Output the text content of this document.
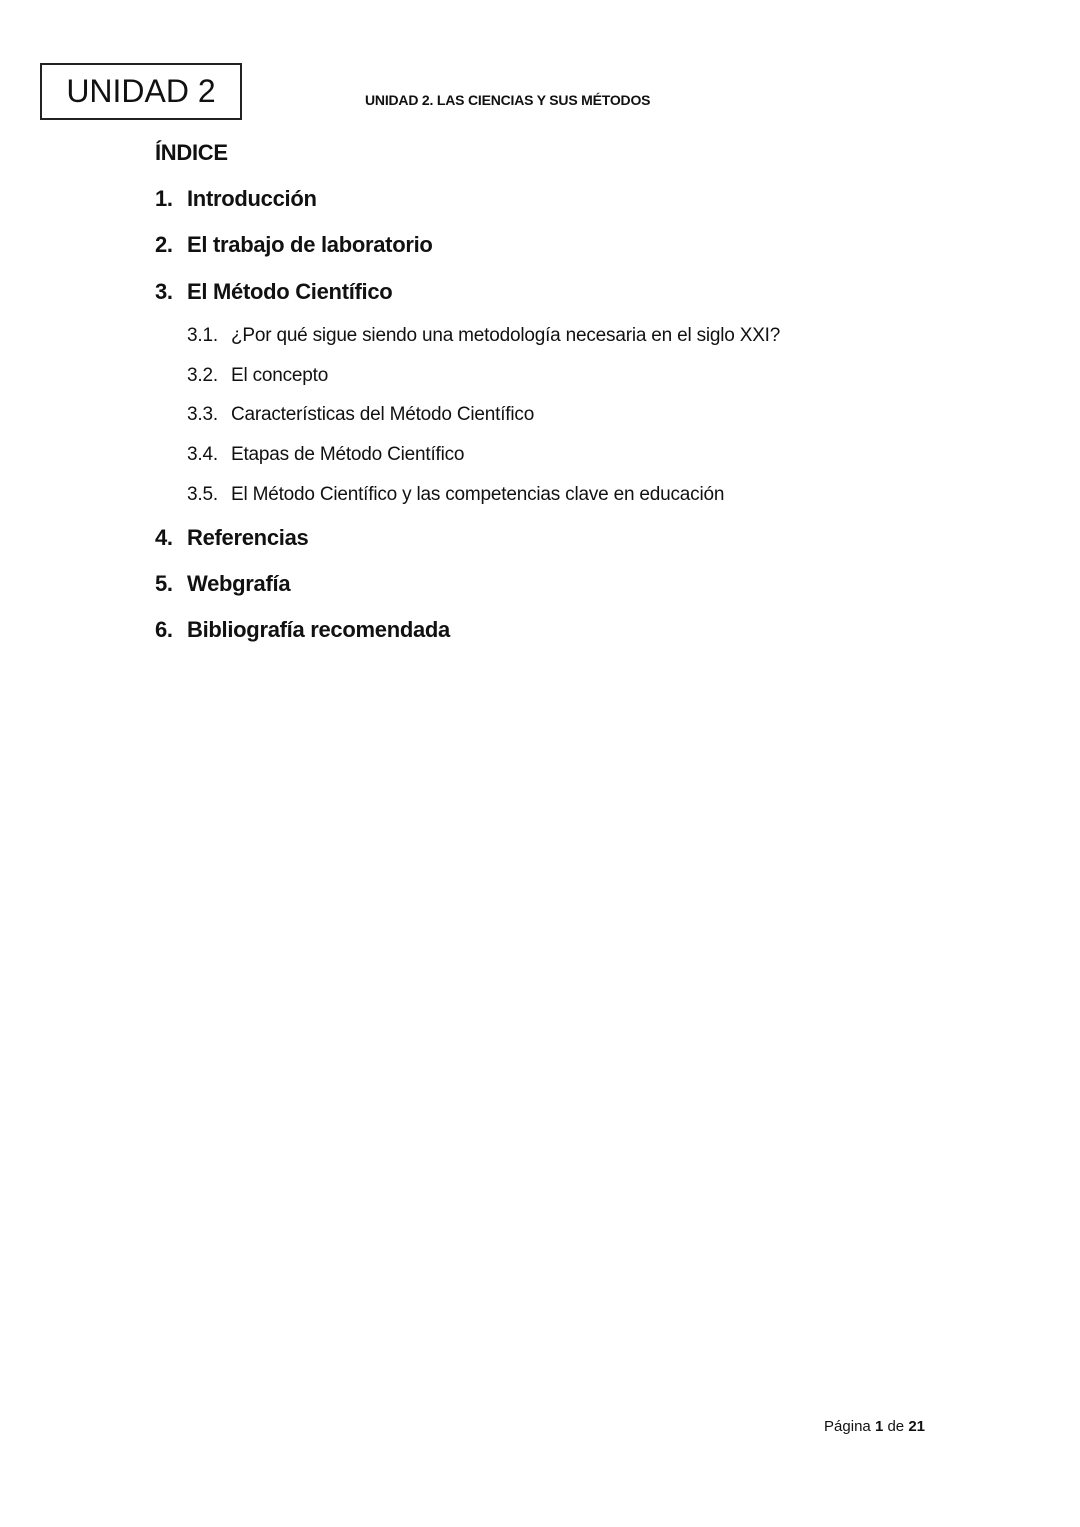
UNIDAD 2	UNIDAD 2. LAS CIENCIAS Y SUS MÉTODOS
ÍNDICE
1. Introducción
2. El trabajo de laboratorio
3. El Método Científico
3.1. ¿Por qué sigue siendo una metodología necesaria en el siglo XXI?
3.2. El concepto
3.3. Características del Método Científico
3.4. Etapas de Método Científico
3.5. El Método Científico y las competencias clave en educación
4. Referencias
5. Webgrafía
6. Bibliografía recomendada
Página 1 de 21
